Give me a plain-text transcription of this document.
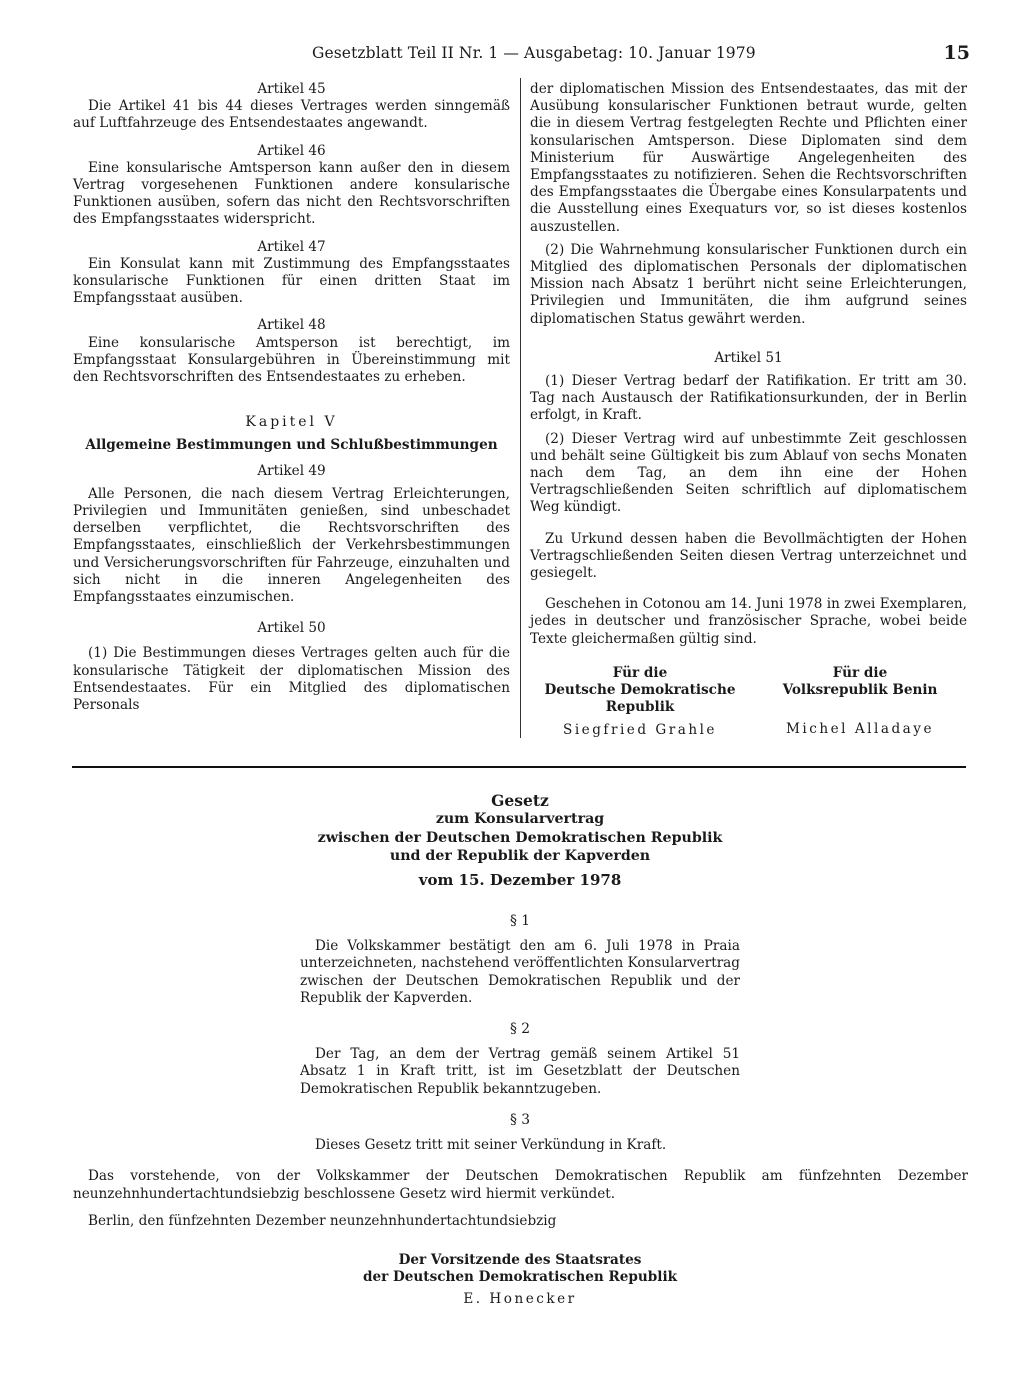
Gesetzblatt Teil II Nr. 1 — Ausgabetag: 10. Januar 1979	15

Artikel 45

Die Artikel 41 bis 44 dieses Vertrages werden sinngemäß auf Luftfahrzeuge des Entsendestaates angewandt.

Artikel 46

Eine konsularische Amtsperson kann außer den in diesem Vertrag vorgesehenen Funktionen andere konsularische Funktionen ausüben, sofern das nicht den Rechtsvorschriften des Empfangsstaates widerspricht.

Artikel 47

Ein Konsulat kann mit Zustimmung des Empfangsstaates konsularische Funktionen für einen dritten Staat im Empfangsstaat ausüben.

Artikel 48

Eine konsularische Amtsperson ist berechtigt, im Empfangsstaat Konsulargebühren in Übereinstimmung mit den Rechtsvorschriften des Entsendestaates zu erheben.

Kapitel V

Allgemeine Bestimmungen und Schlußbestimmungen

Artikel 49

Alle Personen, die nach diesem Vertrag Erleichterungen, Privilegien und Immunitäten genießen, sind unbeschadet derselben verpflichtet, die Rechtsvorschriften des Empfangsstaates, einschließlich der Verkehrsbestimmungen und Versicherungsvorschriften für Fahrzeuge, einzuhalten und sich nicht in die inneren Angelegenheiten des Empfangsstaates einzumischen.

Artikel 50

(1) Die Bestimmungen dieses Vertrages gelten auch für die konsularische Tätigkeit der diplomatischen Mission des Entsendestaates. Für ein Mitglied des diplomatischen Personals

der diplomatischen Mission des Entsendestaates, das mit der Ausübung konsularischer Funktionen betraut wurde, gelten die in diesem Vertrag festgelegten Rechte und Pflichten einer konsularischen Amtsperson. Diese Diplomaten sind dem Ministerium für Auswärtige Angelegenheiten des Empfangsstaates zu notifizieren. Sehen die Rechtsvorschriften des Empfangsstaates die Übergabe eines Konsularpatents und die Ausstellung eines Exequaturs vor, so ist dieses kostenlos auszustellen.

(2) Die Wahrnehmung konsularischer Funktionen durch ein Mitglied des diplomatischen Personals der diplomatischen Mission nach Absatz 1 berührt nicht seine Erleichterungen, Privilegien und Immunitäten, die ihm aufgrund seines diplomatischen Status gewährt werden.

Artikel 51

(1) Dieser Vertrag bedarf der Ratifikation. Er tritt am 30. Tag nach Austausch der Ratifikationsurkunden, der in Berlin erfolgt, in Kraft.

(2) Dieser Vertrag wird auf unbestimmte Zeit geschlossen und behält seine Gültigkeit bis zum Ablauf von sechs Monaten nach dem Tag, an dem ihn eine der Hohen Vertragschließenden Seiten schriftlich auf diplomatischem Weg kündigt.

Zu Urkund dessen haben die Bevollmächtigten der Hohen Vertragschließenden Seiten diesen Vertrag unterzeichnet und gesiegelt.

Geschehen in Cotonou am 14. Juni 1978 in zwei Exemplaren, jedes in deutscher und französischer Sprache, wobei beide Texte gleichermaßen gültig sind.

Für die
Deutsche Demokratische
Republik
Siegfried Grahle
Für die
Volksrepublik Benin
Michel Alladaye
Gesetz
zum Konsularvertrag
zwischen der Deutschen Demokratischen Republik
und der Republik der Kapverden
vom 15. Dezember 1978

§ 1

Die Volkskammer bestätigt den am 6. Juli 1978 in Praia unterzeichneten, nachstehend veröffentlichten Konsularvertrag zwischen der Deutschen Demokratischen Republik und der Republik der Kapverden.

§ 2

Der Tag, an dem der Vertrag gemäß seinem Artikel 51 Absatz 1 in Kraft tritt, ist im Gesetzblatt der Deutschen Demokratischen Republik bekanntzugeben.

§ 3

Dieses Gesetz tritt mit seiner Verkündung in Kraft.

Das vorstehende, von der Volkskammer der Deutschen Demokratischen Republik am fünfzehnten Dezember neunzehnhundertachtundsiebzig beschlossene Gesetz wird hiermit verkündet.

Berlin, den fünfzehnten Dezember neunzehnhundertachtundsiebzig

Der Vorsitzende des Staatsrates
der Deutschen Demokratischen Republik
E. Honecker
